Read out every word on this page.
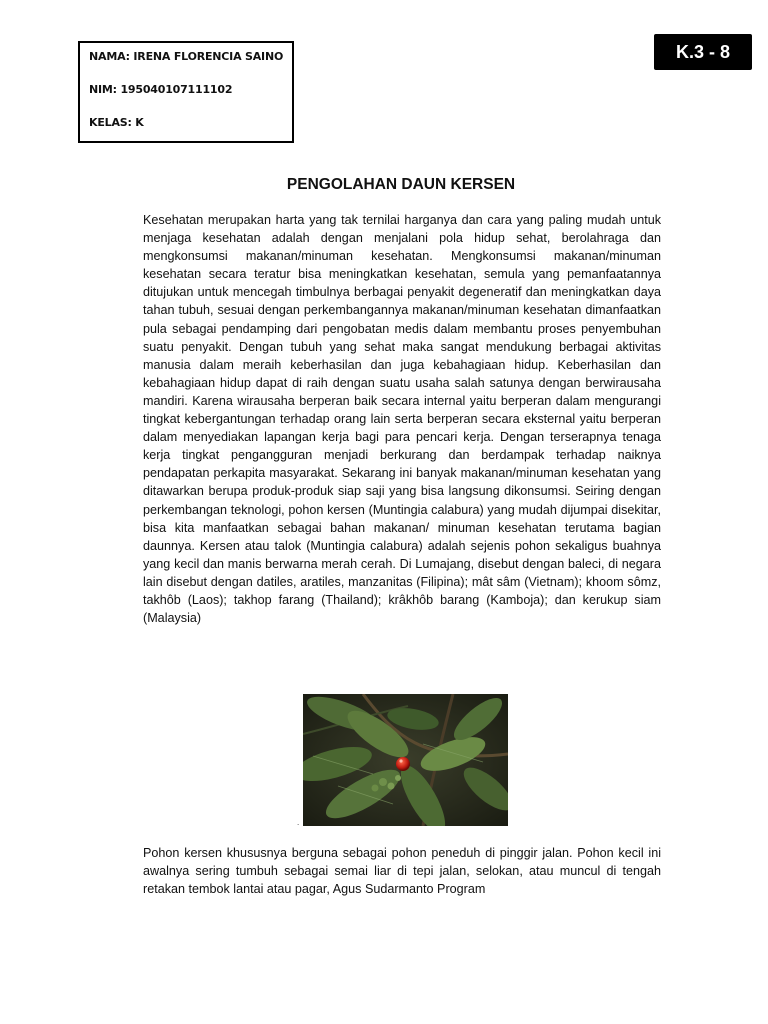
NAMA: IRENA FLORENCIA SAINO
NIM: 195040107111102
KELAS: K
K.3 - 8
PENGOLAHAN DAUN KERSEN

Kesehatan merupakan harta yang tak ternilai harganya dan cara yang paling mudah untuk menjaga kesehatan adalah dengan menjalani pola hidup sehat, berolahraga dan mengkonsumsi makanan/minuman kesehatan. Mengkonsumsi makanan/minuman kesehatan secara teratur bisa meningkatkan kesehatan, semula yang pemanfaatannya ditujukan untuk mencegah timbulnya berbagai penyakit degeneratif dan meningkatkan daya tahan tubuh, sesuai dengan perkembangannya makanan/minuman kesehatan dimanfaatkan pula sebagai pendamping dari pengobatan medis dalam membantu proses penyembuhan suatu penyakit. Dengan tubuh yang sehat maka sangat mendukung berbagai aktivitas manusia dalam meraih keberhasilan dan juga kebahagiaan hidup. Keberhasilan dan kebahagiaan hidup dapat di raih dengan suatu usaha salah satunya dengan berwirausaha mandiri. Karena wirausaha berperan baik secara internal yaitu berperan dalam mengurangi tingkat kebergantungan terhadap orang lain serta berperan secara eksternal yaitu berperan dalam menyediakan lapangan kerja bagi para pencari kerja. Dengan terserapnya tenaga kerja tingkat pengangguran menjadi berkurang dan berdampak terhadap naiknya pendapatan perkapita masyarakat. Sekarang ini banyak makanan/minuman kesehatan yang ditawarkan berupa produk-produk siap saji yang bisa langsung dikonsumsi. Seiring dengan perkembangan teknologi, pohon kersen (Muntingia calabura) yang mudah dijumpai disekitar, bisa kita manfaatkan sebagai bahan makanan/ minuman kesehatan terutama bagian daunnya. Kersen atau talok (Muntingia calabura) adalah sejenis pohon sekaligus buahnya yang kecil dan manis berwarna merah cerah. Di Lumajang, disebut dengan baleci, di negara lain disebut dengan datiles, aratiles, manzanitas (Filipina); mât sâm (Vietnam); khoom sômz, takhôb (Laos); takhop farang (Thailand); krâkhôb barang (Kamboja); dan kerukup siam (Malaysia)

.

Pohon kersen khususnya berguna sebagai pohon peneduh di pinggir jalan. Pohon kecil ini awalnya sering tumbuh sebagai semai liar di tepi jalan, selokan, atau muncul di tengah retakan tembok lantai atau pagar, Agus Sudarmanto Program
